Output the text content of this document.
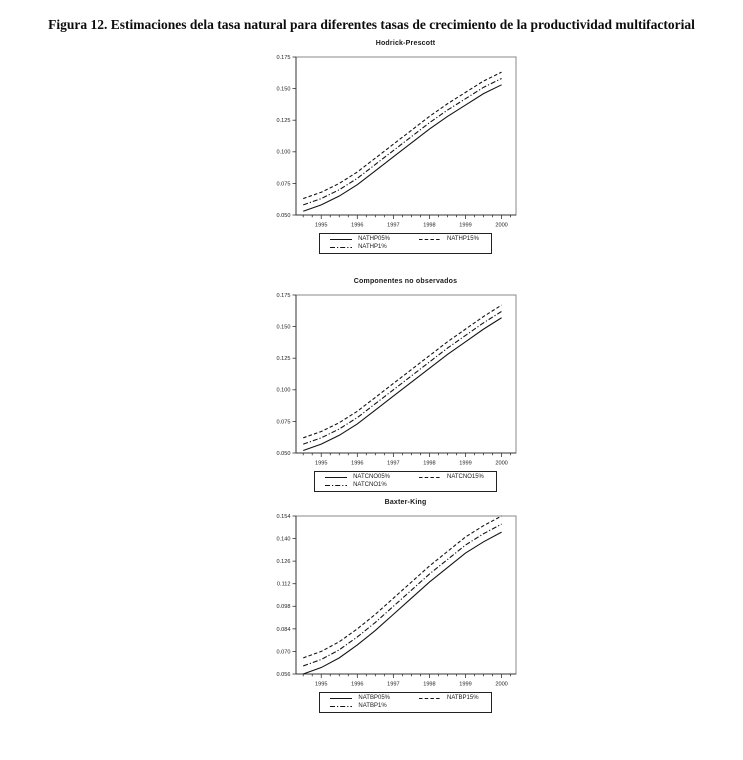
Figura 12. Estimaciones dela tasa natural para diferentes tasas de crecimiento de la productividad multifactorial
Hodrick-Prescott
0.050
0.075
0.100
0.125
0.150
0.175
1995	1996	1997	1998	1999	2000
NATHP05%	NATHP15%
NATHP1%
Componentes no observados
0.050
0.075
0.100
0.125
0.150
0.175
1995	1996	1997	1998	1999	2000
NATCNO05%	NATCNO15%
NATCNO1%
Baxter-King
0.056
0.070
0.084
0.098
0.112
0.126
0.140
0.154
1995	1996	1997	1998	1999	2000
NATBP05%	NATBP15%
NATBP1%
